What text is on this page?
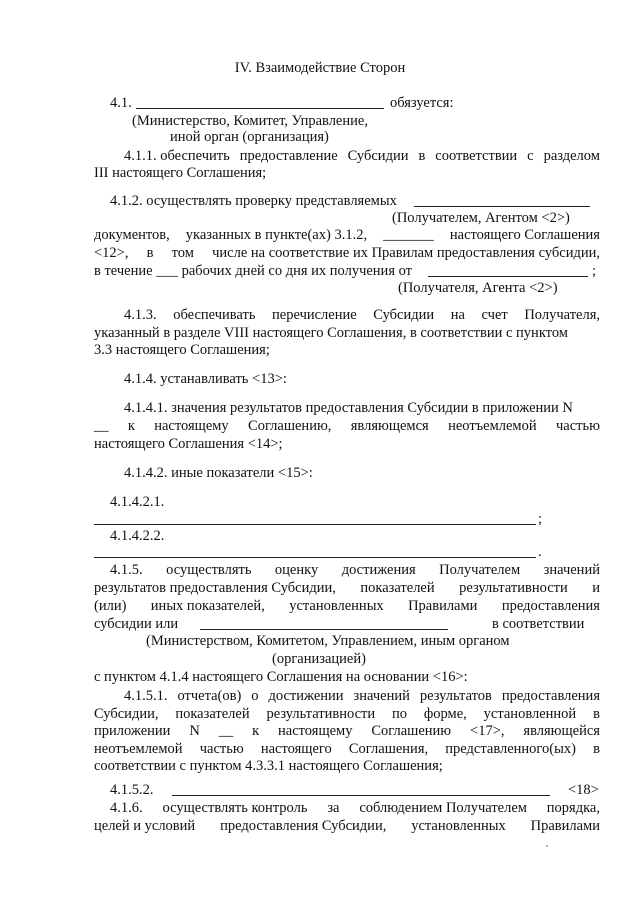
IV. Взаимодействие Сторон
4.1.	обязуется:
(Министерство, Комитет, Управление,
иной орган (организация)
4.1.1. обеспечить предоставление Субсидии в соответствии с разделом
III настоящего Соглашения;
4.1.2. осуществлять проверку представляемых
(Получателем, Агентом <2>)
документов, указанных в пункте(ах) 3.1.2, _______ настоящего Соглашения
<12>, в том числе на соответствие их Правилам предоставления субсидии,
в течение ___ рабочих дней со дня их получения от	;
(Получателя, Агента <2>)
4.1.3. обеспечивать перечисление Субсидии на счет Получателя,
указанный в разделе VIII настоящего Соглашения, в соответствии с пунктом
3.3 настоящего Соглашения;
4.1.4. устанавливать <13>:
4.1.4.1. значения результатов предоставления Субсидии в приложении N
__ к настоящему Соглашению, являющемся неотъемлемой частью
настоящего Соглашения <14>;
4.1.4.2. иные показатели <15>:
4.1.4.2.1.
;
4.1.4.2.2.
.
4.1.5. осуществлять оценку достижения Получателем значений
результатов предоставления Субсидии, показателей результативности и
(или) иных показателей, установленных Правилами предоставления
субсидии или	в соответствии
(Министерством, Комитетом, Управлением, иным органом
(организацией)
с пунктом 4.1.4 настоящего Соглашения на основании <16>:
4.1.5.1. отчета(ов) о достижении значений результатов предоставления
Субсидии, показателей результативности по форме, установленной в
приложении N __ к настоящему Соглашению <17>, являющейся
неотъемлемой частью настоящего Соглашения, представленного(ых) в
соответствии с пунктом 4.3.3.1 настоящего Соглашения;
4.1.5.2.	<18>
4.1.6. осуществлять контроль за соблюдением Получателем порядка,
целей и условий предоставления Субсидии, установленных Правилами
